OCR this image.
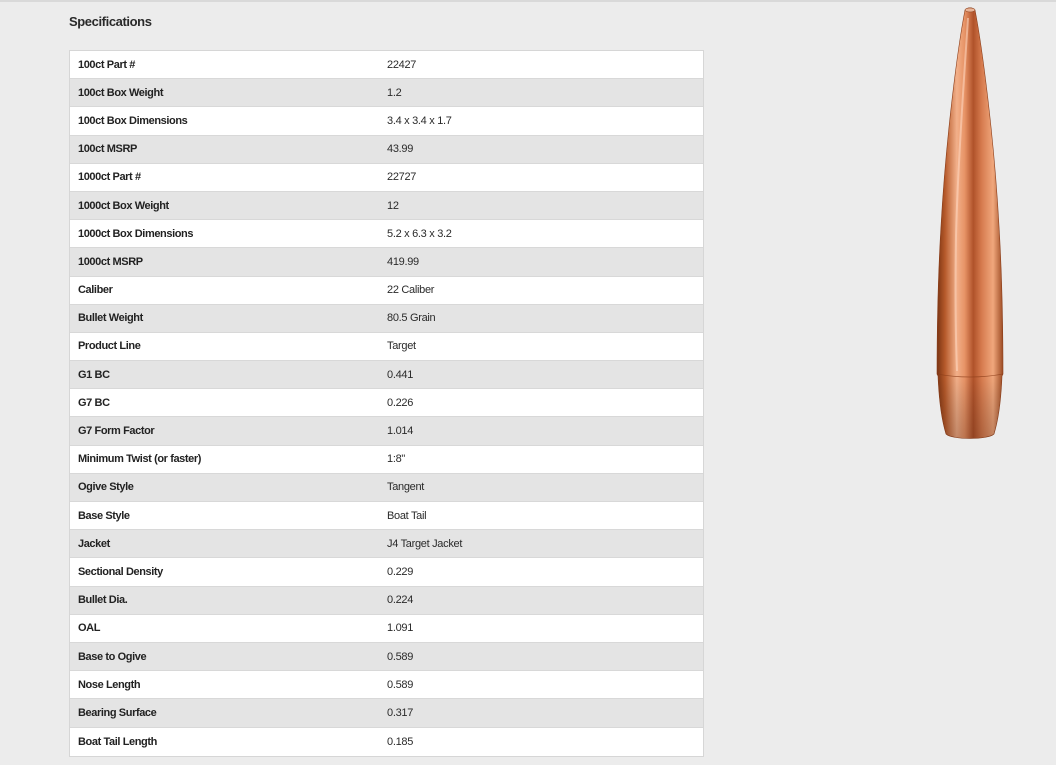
Specifications
100ct Part #	22427
100ct Box Weight	1.2
100ct Box Dimensions	3.4 x 3.4 x 1.7
100ct MSRP	43.99
1000ct Part #	22727
1000ct Box Weight	12
1000ct Box Dimensions	5.2 x 6.3 x 3.2
1000ct MSRP	419.99
Caliber	22 Caliber
Bullet Weight	80.5 Grain
Product Line	Target
G1 BC	0.441
G7 BC	0.226
G7 Form Factor	1.014
Minimum Twist (or faster)	1:8"
Ogive Style	Tangent
Base Style	Boat Tail
Jacket	J4 Target Jacket
Sectional Density	0.229
Bullet Dia.	0.224
OAL	1.091
Base to Ogive	0.589
Nose Length	0.589
Bearing Surface	0.317
Boat Tail Length	0.185
